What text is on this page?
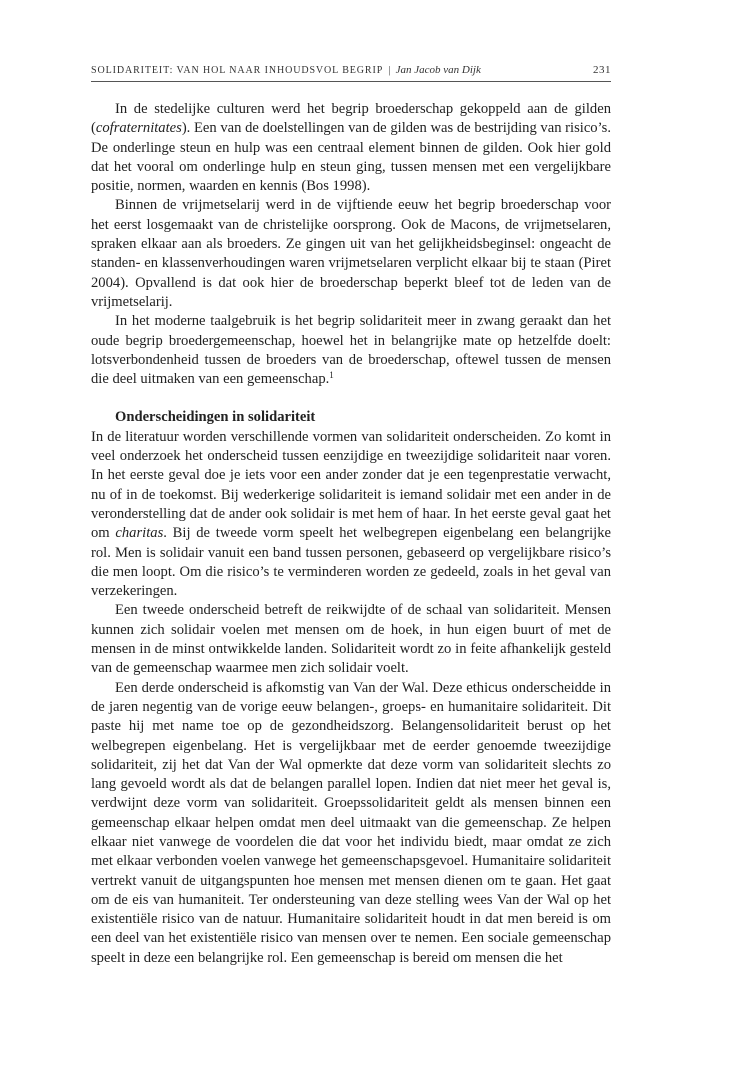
SOLIDARITEIT: VAN HOL NAAR INHOUDSVOL BEGRIP | Jan Jacob van Dijk	231

In de stedelijke culturen werd het begrip broederschap gekoppeld aan de gilden (cofraternitates). Een van de doelstellingen van de gilden was de bestrijding van risico’s. De onderlinge steun en hulp was een centraal element binnen de gilden. Ook hier gold dat het vooral om onderlinge hulp en steun ging, tussen mensen met een vergelijkbare positie, normen, waarden en kennis (Bos 1998).

Binnen de vrijmetselarij werd in de vijftiende eeuw het begrip broederschap voor het eerst losgemaakt van de christelijke oorsprong. Ook de Macons, de vrijmetselaren, spraken elkaar aan als broeders. Ze gingen uit van het gelijkheidsbeginsel: ongeacht de standen- en klassenverhoudingen waren vrijmetselaren verplicht elkaar bij te staan (Piret 2004). Opvallend is dat ook hier de broederschap beperkt bleef tot de leden van de vrijmetselarij.

In het moderne taalgebruik is het begrip solidariteit meer in zwang geraakt dan het oude begrip broedergemeenschap, hoewel het in belangrijke mate op hetzelfde doelt: lotsverbondenheid tussen de broeders van de broederschap, oftewel tussen de mensen die deel uitmaken van een gemeenschap.$^1$

Onderscheidingen in solidariteit

In de literatuur worden verschillende vormen van solidariteit onderscheiden. Zo komt in veel onderzoek het onderscheid tussen eenzijdige en tweezijdige solidariteit naar voren. In het eerste geval doe je iets voor een ander zonder dat je een tegenprestatie verwacht, nu of in de toekomst. Bij wederkerige solidariteit is iemand solidair met een ander in de veronderstelling dat de ander ook solidair is met hem of haar. In het eerste geval gaat het om charitas. Bij de tweede vorm speelt het welbegrepen eigenbelang een belangrijke rol. Men is solidair vanuit een band tussen personen, gebaseerd op vergelijkbare risico’s die men loopt. Om die risico’s te verminderen worden ze gedeeld, zoals in het geval van verzekeringen.

Een tweede onderscheid betreft de reikwijdte of de schaal van solidariteit. Mensen kunnen zich solidair voelen met mensen om de hoek, in hun eigen buurt of met de mensen in de minst ontwikkelde landen. Solidariteit wordt zo in feite afhankelijk gesteld van de gemeenschap waarmee men zich solidair voelt.

Een derde onderscheid is afkomstig van Van der Wal. Deze ethicus onderscheidde in de jaren negentig van de vorige eeuw belangen-, groeps- en humanitaire solidariteit. Dit paste hij met name toe op de gezondheidszorg. Belangensolidariteit berust op het welbegrepen eigenbelang. Het is vergelijkbaar met de eerder genoemde tweezijdige solidariteit, zij het dat Van der Wal opmerkte dat deze vorm van solidariteit slechts zo lang gevoeld wordt als dat de belangen parallel lopen. Indien dat niet meer het geval is, verdwijnt deze vorm van solidariteit. Groepssolidariteit geldt als mensen binnen een gemeenschap elkaar helpen omdat men deel uitmaakt van die gemeenschap. Ze helpen elkaar niet vanwege de voordelen die dat voor het individu biedt, maar omdat ze zich met elkaar verbonden voelen vanwege het gemeenschapsgevoel. Humanitaire solidariteit vertrekt vanuit de uitgangspunten hoe mensen met mensen dienen om te gaan. Het gaat om de eis van humaniteit. Ter ondersteuning van deze stelling wees Van der Wal op het existentiële risico van de natuur. Humanitaire solidariteit houdt in dat men bereid is om een deel van het existentiële risico van mensen over te nemen. Een sociale gemeenschap speelt in deze een belangrijke rol. Een gemeenschap is bereid om mensen die het
